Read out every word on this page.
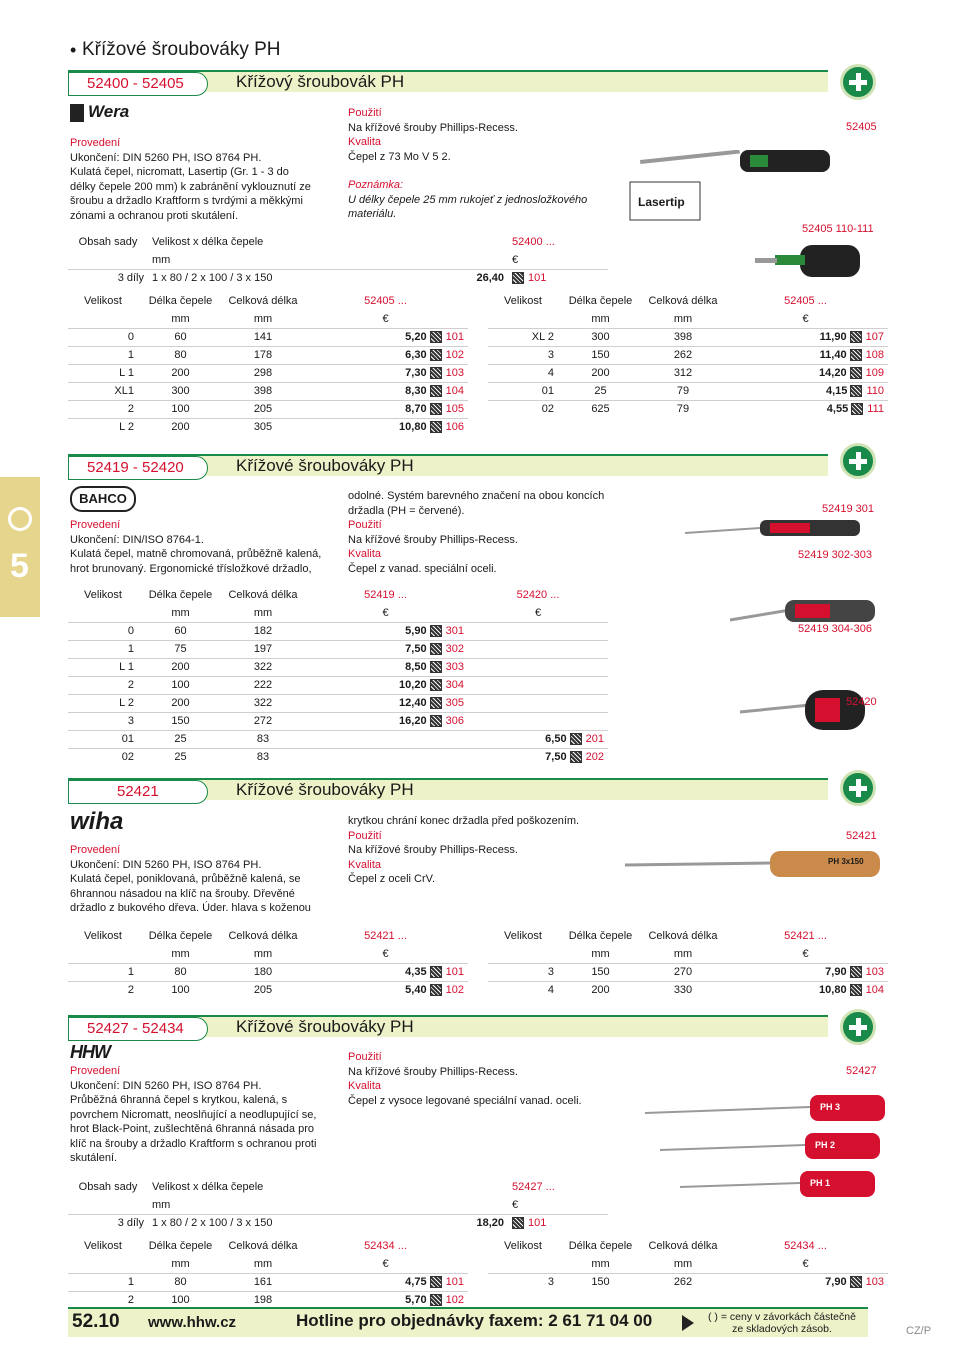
• Křížové šroubováky PH
5
52400 - 52405	Křížový šroubovák PH
Wera
Provedení
Ukončení: DIN 5260 PH, ISO 8764 PH.
Kulatá čepel, nicromatt, Lasertip (Gr. 1 - 3 do
délky čepele 200 mm) k zabránění vyklouznutí ze
šroubu a držadlo Kraftform s tvrdými a měkkými
zónami a ochranou proti skutálení.
Použití
Na křížové šrouby Phillips-Recess.
Kvalita
Čepel z 73 Mo V 5 2.
Poznámka:
U délky čepele 25 mm rukojeť z jednosložkového
materiálu.
Lasertip
52405
52405 110-111
Obsah sady	Velikost x délka čepele		52400 ...
	mm		€
3 díly	1 x 80 / 2 x 100 / 3 x 150	26,40	101
Velikost	Délka čepele	Celková délka	52405 ...
	mm	mm	€
0	60	141	5,20 101
1	80	178	6,30 102
L 1	200	298	7,30 103
XL1	300	398	8,30 104
2	100	205	8,70 105
L 2	200	305	10,80 106
Velikost	Délka čepele	Celková délka	52405 ...
	mm	mm	€
XL 2	300	398	11,90 107
3	150	262	11,40 108
4	200	312	14,20 109
01	25	79	4,15 110
02	625	79	4,55 111
52419 - 52420	Křížové šroubováky PH
BAHCO
Provedení
Ukončení: DIN/ISO 8764-1.
Kulatá čepel, matně chromovaná, průběžně kalená,
hrot brunovaný. Ergonomické třísložkové držadlo,
odolné. Systém barevného značení na obou koncích
držadla (PH = červené).
Použití
Na křížové šrouby Phillips-Recess.
Kvalita
Čepel z vanad. speciální oceli.
52419 301
52419 302-303
52419 304-306
52420
Velikost	Délka čepele	Celková délka	52419 ...	52420 ...
	mm	mm	€	€
0	60	182	5,90 301	
1	75	197	7,50 302	
L 1	200	322	8,50 303	
2	100	222	10,20 304	
L 2	200	322	12,40 305	
3	150	272	16,20 306	
01	25	83		6,50 201
02	25	83		7,50 202
52421	Křížové šroubováky PH
wiha
Provedení
Ukončení: DIN 5260 PH, ISO 8764 PH.
Kulatá čepel, poniklovaná, průběžně kalená, se
6hrannou násadou na klíč na šrouby. Dřevěné
držadlo z bukového dřeva. Úder. hlava s koženou
krytkou chrání konec držadla před poškozením.
Použití
Na křížové šrouby Phillips-Recess.
Kvalita
Čepel z oceli CrV.
PH 3x150
52421
Velikost	Délka čepele	Celková délka	52421 ...
	mm	mm	€
1	80	180	4,35 101
2	100	205	5,40 102
Velikost	Délka čepele	Celková délka	52421 ...
	mm	mm	€
3	150	270	7,90 103
4	200	330	10,80 104
52427 - 52434	Křížové šroubováky PH
HHW
Provedení
Ukončení: DIN 5260 PH, ISO 8764 PH.
Průběžná 6hranná čepel s krytkou, kalená, s
povrchem Nicromatt, neoslňující a neodlupující se,
hrot Black-Point, zušlechtěná 6hranná násada pro
klíč na šrouby a držadlo Kraftform s ochranou proti
skutálení.
Použití
Na křížové šrouby Phillips-Recess.
Kvalita
Čepel z vysoce legované speciální vanad. oceli.
PH 3
PH 2
PH 1
52427
Obsah sady	Velikost x délka čepele		52427 ...
	mm		€
3 díly	1 x 80 / 2 x 100 / 3 x 150	18,20	101
Velikost	Délka čepele	Celková délka	52434 ...
	mm	mm	€
1	80	161	4,75 101
2	100	198	5,70 102
Velikost	Délka čepele	Celková délka	52434 ...
	mm	mm	€
3	150	262	7,90 103
52.10 www.hhw.cz	Hotline pro objednávky faxem: 2 61 71 04 00	( ) = ceny v závorkách částečně
ze skladových zásob.	CZ/P
